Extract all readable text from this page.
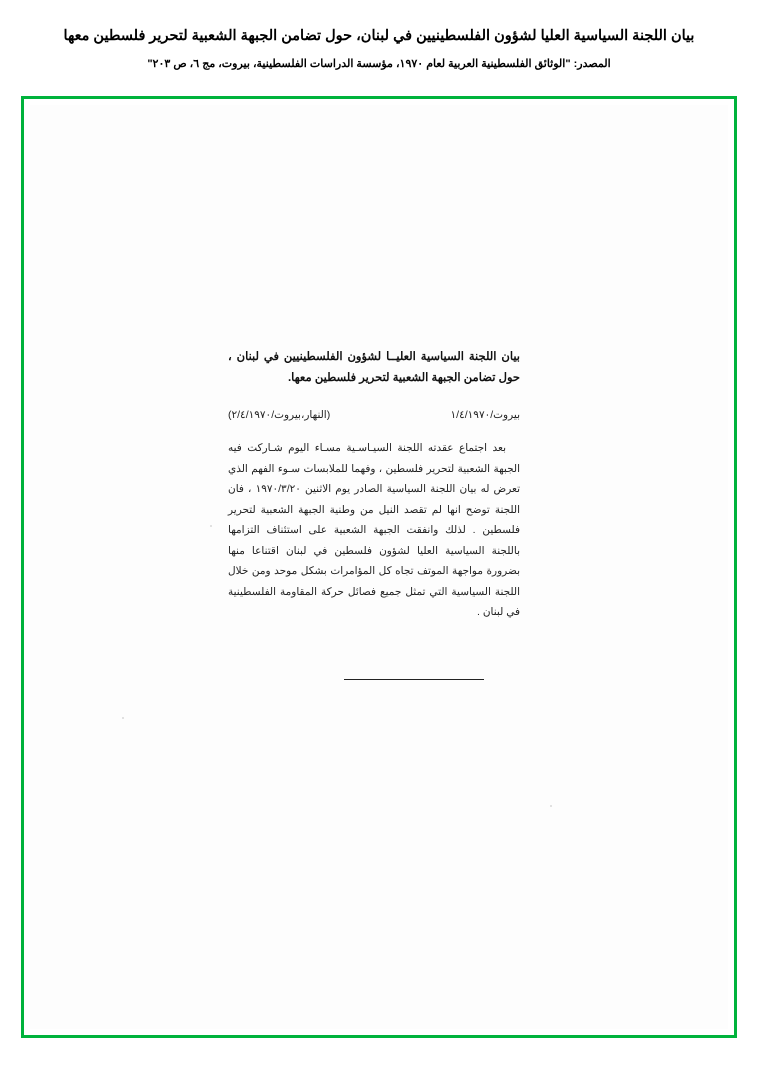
بيان اللجنة السياسية العليا لشؤون الفلسطينيين في لبنان، حول تضامن الجبهة الشعبية لتحرير فلسطين معها
المصدر: "الوثائق الفلسطينية العربية لعام ١٩٧٠، مؤسسة الدراسات الفلسطينية، بيروت، مج ٦، ص ٢٠٣"
بيان اللجنة السياسية العليــا لشؤون الفلسطينيين في لبنان ، حول تضامن الجبهة الشعبية لتحرير فلسطين معها.
بيروت/١/٤/١٩٧٠
(النهار،بيروت/٢/٤/١٩٧٠)
بعد اجتماع عقدته اللجنة السيـاسـية مسـاء اليوم شـاركت فيه الجبهة الشعبية لتحرير فلسطين ، وفهما للملابسات سـوء الفهم الذي تعرض له بيان اللجنة السياسية الصادر يوم الاثنين ١٩٧٠/٣/٢٠ ، فان اللجنة توضح انها لم تقصد النيل من وطنية الجبهة الشعبية لتحرير فلسطين . لذلك وانفقت الجبهة الشعبية على استئناف التزامها باللجنة السياسية العليا لشؤون فلسطين في لبنان اقتناعا منها بضرورة مواجهة الموتف تجاه كل المؤامرات بشكل موحد ومن خلال اللجنة السياسية التي تمثل جميع فصائل حركة المقاومة الفلسطينية في لبنان .
